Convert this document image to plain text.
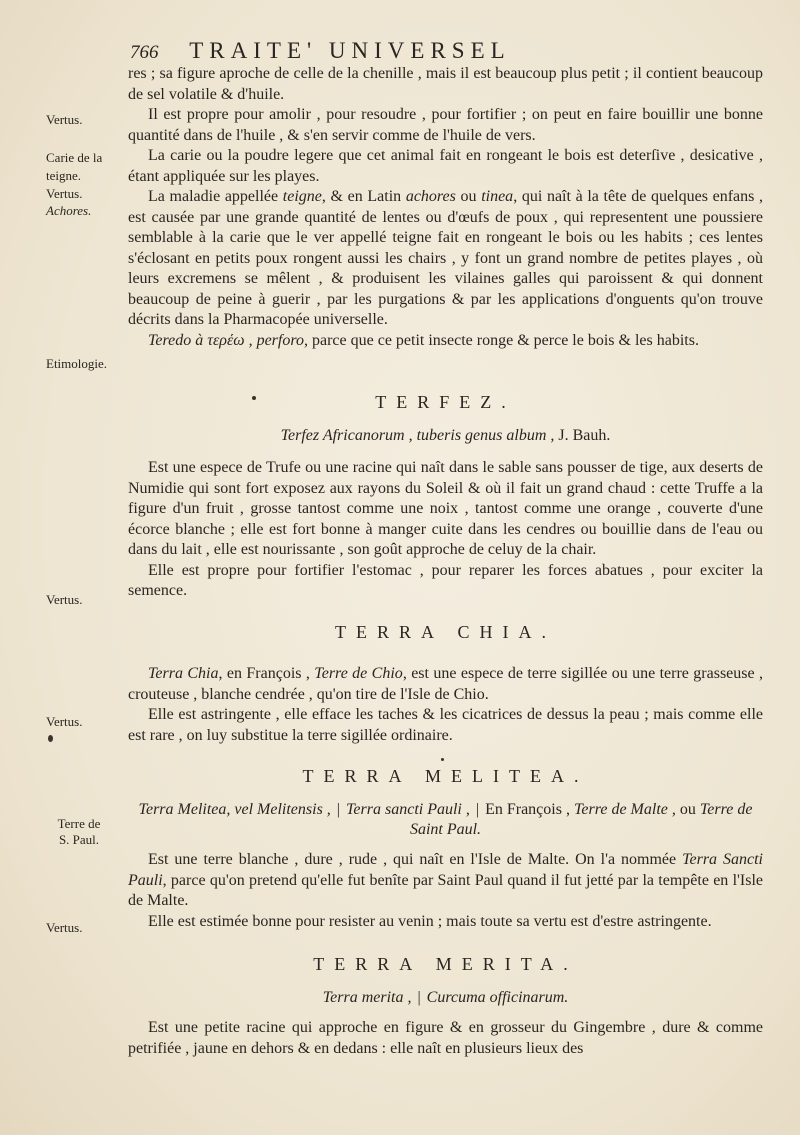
766 TRAITE' UNIVERSEL
Vertus.
Carie de la
teigne.
Vertus.
Achores.
Etimologie.
Vertus.
Vertus.
Terre de
S. Paul.
Vertus.

res ; sa figure aproche de celle de la chenille , mais il est beaucoup plus petit ; il contient beaucoup de sel volatile & d'huile.

Il est propre pour amolir , pour resoudre , pour fortifier ; on peut en faire bouillir une bonne quantité dans de l'huile , & s'en servir comme de l'huile de vers.

La carie ou la poudre legere que cet animal fait en rongeant le bois est deterſive , desicative , étant appliquée sur les playes.

La maladie appellée teigne, & en Latin achores ou tinea, qui naît à la tête de quelques enfans , est causée par une grande quantité de lentes ou d'œufs de poux , qui representent une poussiere semblable à la carie que le ver appellé teigne fait en rongeant le bois ou les habits ; ces lentes s'éclosant en petits poux rongent aussi les chairs , y font un grand nombre de petites playes , où leurs excremens se mêlent , & produisent les vilaines galles qui paroissent & qui donnent beaucoup de peine à guerir , par les purgations & par les applications d'onguents qu'on trouve décrits dans la Pharmacopée universelle.

Teredo à τερέω , perforo, parce que ce petit insecte ronge & perce le bois & les habits.

TERFEZ.
Terfez Africanorum , tuberis genus album , J. Bauh.

Est une espece de Trufe ou une racine qui naît dans le sable sans pousser de tige, aux deserts de Numidie qui sont fort exposez aux rayons du Soleil & où il fait un grand chaud : cette Truffe a la figure d'un fruit , grosse tantost comme une noix , tantost comme une orange , couverte d'une écorce blanche ; elle est fort bonne à manger cuite dans les cendres ou bouillie dans de l'eau ou dans du lait , elle est nourissante , son goût approche de celuy de la chair.

Elle est propre pour fortifier l'estomac , pour reparer les forces abatues , pour exciter la semence.

TERRA CHIA.

Terra Chia, en François , Terre de Chio, est une espece de terre sigillée ou une terre grasseuse , crouteuse , blanche cendrée , qu'on tire de l'Isle de Chio.

Elle est astringente , elle efface les taches & les cicatrices de dessus la peau ; mais comme elle est rare , on luy substitue la terre sigillée ordinaire.

TERRA MELITEA.
Terra Melitea, vel Melitensis , | Terra sancti Pauli , | En François , Terre de Malte , ou Terre de Saint Paul.

Est une terre blanche , dure , rude , qui naît en l'Isle de Malte. On l'a nommée Terra Sancti Pauli, parce qu'on pretend qu'elle fut benîte par Saint Paul quand il fut jetté par la tempête en l'Isle de Malte.

Elle est estimée bonne pour resister au venin ; mais toute sa vertu est d'estre astringente.

TERRA MERITA.
Terra merita , | Curcuma officinarum.

Est une petite racine qui approche en figure & en grosseur du Gingembre , dure & comme petrifiée , jaune en dehors & en dedans : elle naît en plusieurs lieux des
